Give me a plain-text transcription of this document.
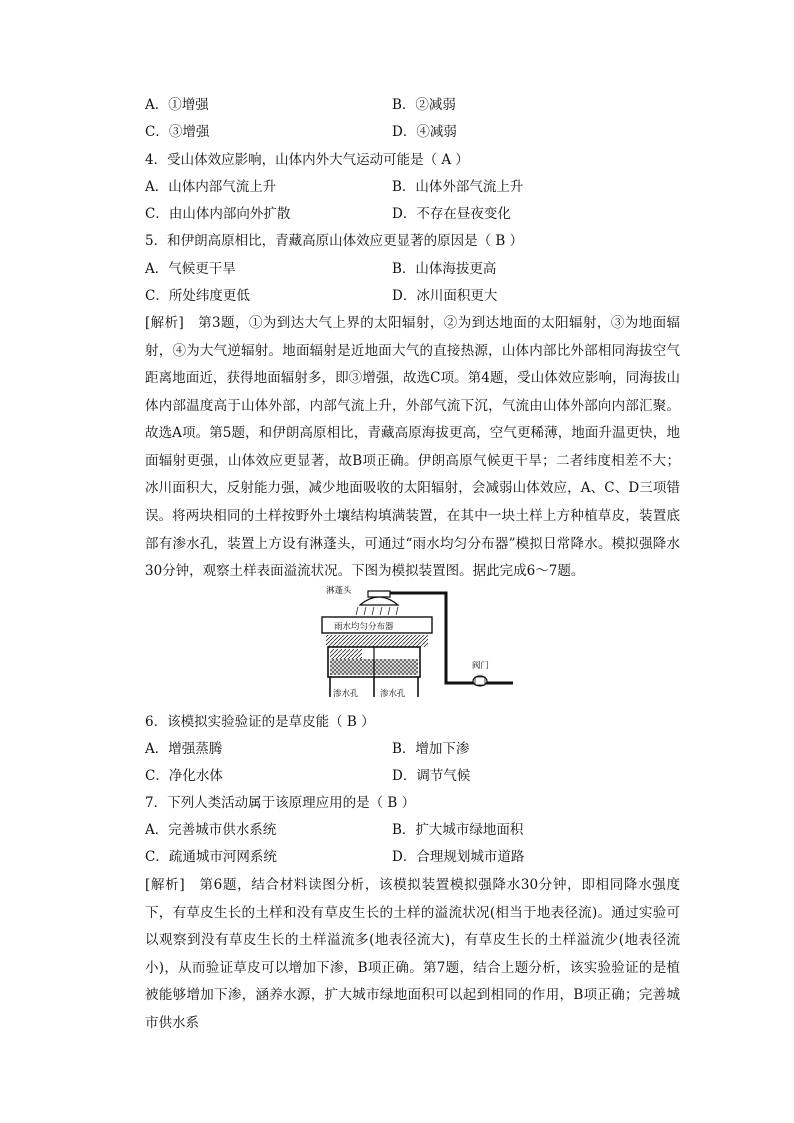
A．①增强	B．②减弱
C．③增强	D．④减弱
4．受山体效应影响，山体内外大气运动可能是（ A ）
A．山体内部气流上升	B．山体外部气流上升
C．由山体内部向外扩散	D．不存在昼夜变化
5．和伊朗高原相比，青藏高原山体效应更显著的原因是（ B ）
A．气候更干旱	B．山体海拔更高
C．所处纬度更低	D．冰川面积更大
[解析]　第3题，①为到达大气上界的太阳辐射，②为到达地面的太阳辐射，③为地面辐射，④为大气逆辐射。地面辐射是近地面大气的直接热源，山体内部比外部相同海拔空气距离地面近，获得地面辐射多，即③增强，故选C项。第4题，受山体效应影响，同海拔山体内部温度高于山体外部，内部气流上升，外部气流下沉，气流由山体外部向内部汇聚。故选A项。第5题，和伊朗高原相比，青藏高原海拔更高，空气更稀薄，地面升温更快，地面辐射更强，山体效应更显著，故B项正确。伊朗高原气候更干旱；二者纬度相差不大；冰川面积大，反射能力强，减少地面吸收的太阳辐射，会减弱山体效应，A、C、D三项错误。 将两块相同的土样按野外土壤结构填满装置，在其中一块土样上方种植草皮，装置底部有渗水孔，装置上方设有淋蓬头，可通过“雨水均匀分布器”模拟日常降水。模拟强降水30分钟，观察土样表面溢流状况。下图为模拟装置图。据此完成6～7题。
阀门
淋蓬头
雨水均匀分布器
渗水孔	渗水孔
6．该模拟实验验证的是草皮能（ B ）
A．增强蒸腾	B．增加下渗
C．净化水体	D．调节气候
7．下列人类活动属于该原理应用的是（ B ）
A．完善城市供水系统	B．扩大城市绿地面积
C．疏通城市河网系统	D．合理规划城市道路
[解析]　第6题，结合材料读图分析，该模拟装置模拟强降水30分钟，即相同降水强度下，有草皮生长的土样和没有草皮生长的土样的溢流状况(相当于地表径流)。通过实验可以观察到没有草皮生长的土样溢流多(地表径流大)，有草皮生长的土样溢流少(地表径流小)，从而验证草皮可以增加下渗，B项正确。第7题，结合上题分析，该实验验证的是植被能够增加下渗，涵养水源，扩大城市绿地面积可以起到相同的作用，B项正确；完善城市供水系
